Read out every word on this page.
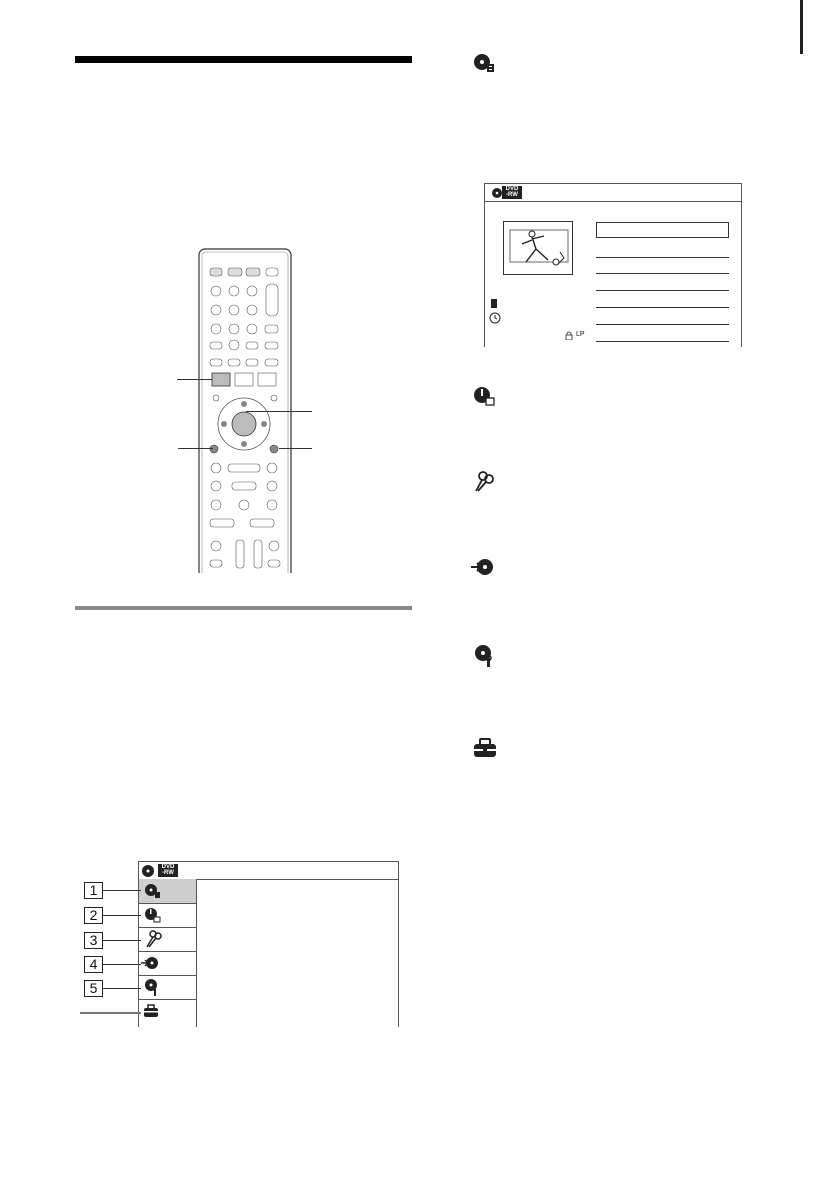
DVD
-RW
1
2
3
4
5
DVD
-RW
LP
